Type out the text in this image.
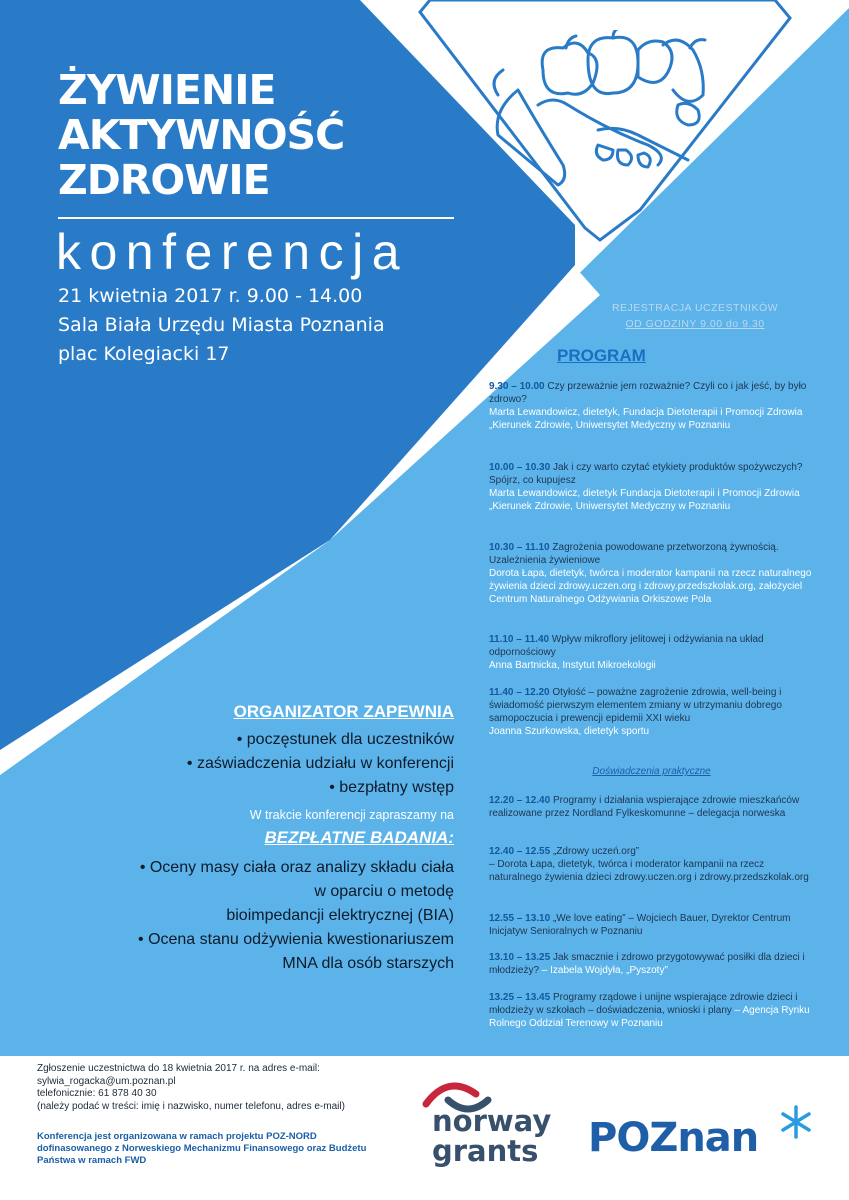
ŻYWIENIE
AKTYWNOŚĆ
ZDROWIE
konferencja
21 kwietnia 2017 r. 9.00 - 14.00
Sala Biała Urzędu Miasta Poznania
plac Kolegiacki 17
REJESTRACJA UCZESTNIKÓW
OD GODZINY 9.00 do 9.30
PROGRAM
9.30 – 10.00 Czy przeważnie jem rozważnie? Czyli co i jak jeść, by było zdrowo?
Marta Lewandowicz, dietetyk, Fundacja Dietoterapii i Promocji Zdrowia „Kierunek Zdrowie, Uniwersytet Medyczny w Poznaniu
10.00 – 10.30 Jak i czy warto czytać etykiety produktów spożywczych? Spójrz, co kupujesz
Marta Lewandowicz, dietetyk Fundacja Dietoterapii i Promocji Zdrowia „Kierunek Zdrowie, Uniwersytet Medyczny w Poznaniu
10.30 – 11.10 Zagrożenia powodowane przetworzoną żywnością. Uzależnienia żywieniowe
Dorota Łapa, dietetyk, twórca i moderator kampanii na rzecz naturalnego żywienia dzieci zdrowy.uczen.org i zdrowy.przedszkolak.org, założyciel Centrum Naturalnego Odżywiania Orkiszowe Pola
11.10 – 11.40 Wpływ mikroflory jelitowej i odżywiania na układ odpornościowy
Anna Bartnicka, Instytut Mikroekologii
11.40 – 12.20 Otyłość – poważne zagrożenie zdrowia, well-being i świadomość pierwszym elementem zmiany w utrzymaniu dobrego samopoczucia i prewencji epidemii XXI wieku
Joanna Szurkowska, dietetyk sportu
Doświadczenia praktyczne
12.20 – 12.40 Programy i działania wspierające zdrowie mieszkańców realizowane przez Nordland Fylkeskomunne – delegacja norweska
12.40 – 12.55 „Zdrowy uczeń.org”
– Dorota Łapa, dietetyk, twórca i moderator kampanii na rzecz naturalnego żywienia dzieci zdrowy.uczen.org i zdrowy.przedszkolak.org
12.55 – 13.10 „We love eating” – Wojciech Bauer, Dyrektor Centrum Inicjatyw Senioralnych w Poznaniu
13.10 – 13.25 Jak smacznie i zdrowo przygotowywać posiłki dla dzieci i młodzieży? – Izabela Wojdyła, „Pyszoty”
13.25 – 13.45 Programy rządowe i unijne wspierające zdrowie dzieci i młodzieży w szkołach – doświadczenia, wnioski i plany – Agencja Rynku Rolnego Oddział Terenowy w Poznaniu
ORGANIZATOR ZAPEWNIA
• poczęstunek dla uczestników
• zaświadczenia udziału w konferencji
• bezpłatny wstęp
W trakcie konferencji zapraszamy na
BEZPŁATNE BADANIA:
• Oceny masy ciała oraz analizy składu ciała
w oparciu o metodę
bioimpedancji elektrycznej (BIA)
• Ocena stanu odżywienia kwestionariuszem
MNA dla osób starszych
Zgłoszenie uczestnictwa do 18 kwietnia 2017 r. na adres e-mail:
sylwia_rogacka@um.poznan.pl
telefonicznie: 61 878 40 30
(należy podać w treści: imię i nazwisko, numer telefonu, adres e-mail)
Konferencja jest organizowana w ramach projektu POZ-NORD dofinasowanego z Norweskiego Mechanizmu Finansowego oraz Budżetu Państwa w ramach FWD
norway
grants	POZnan
